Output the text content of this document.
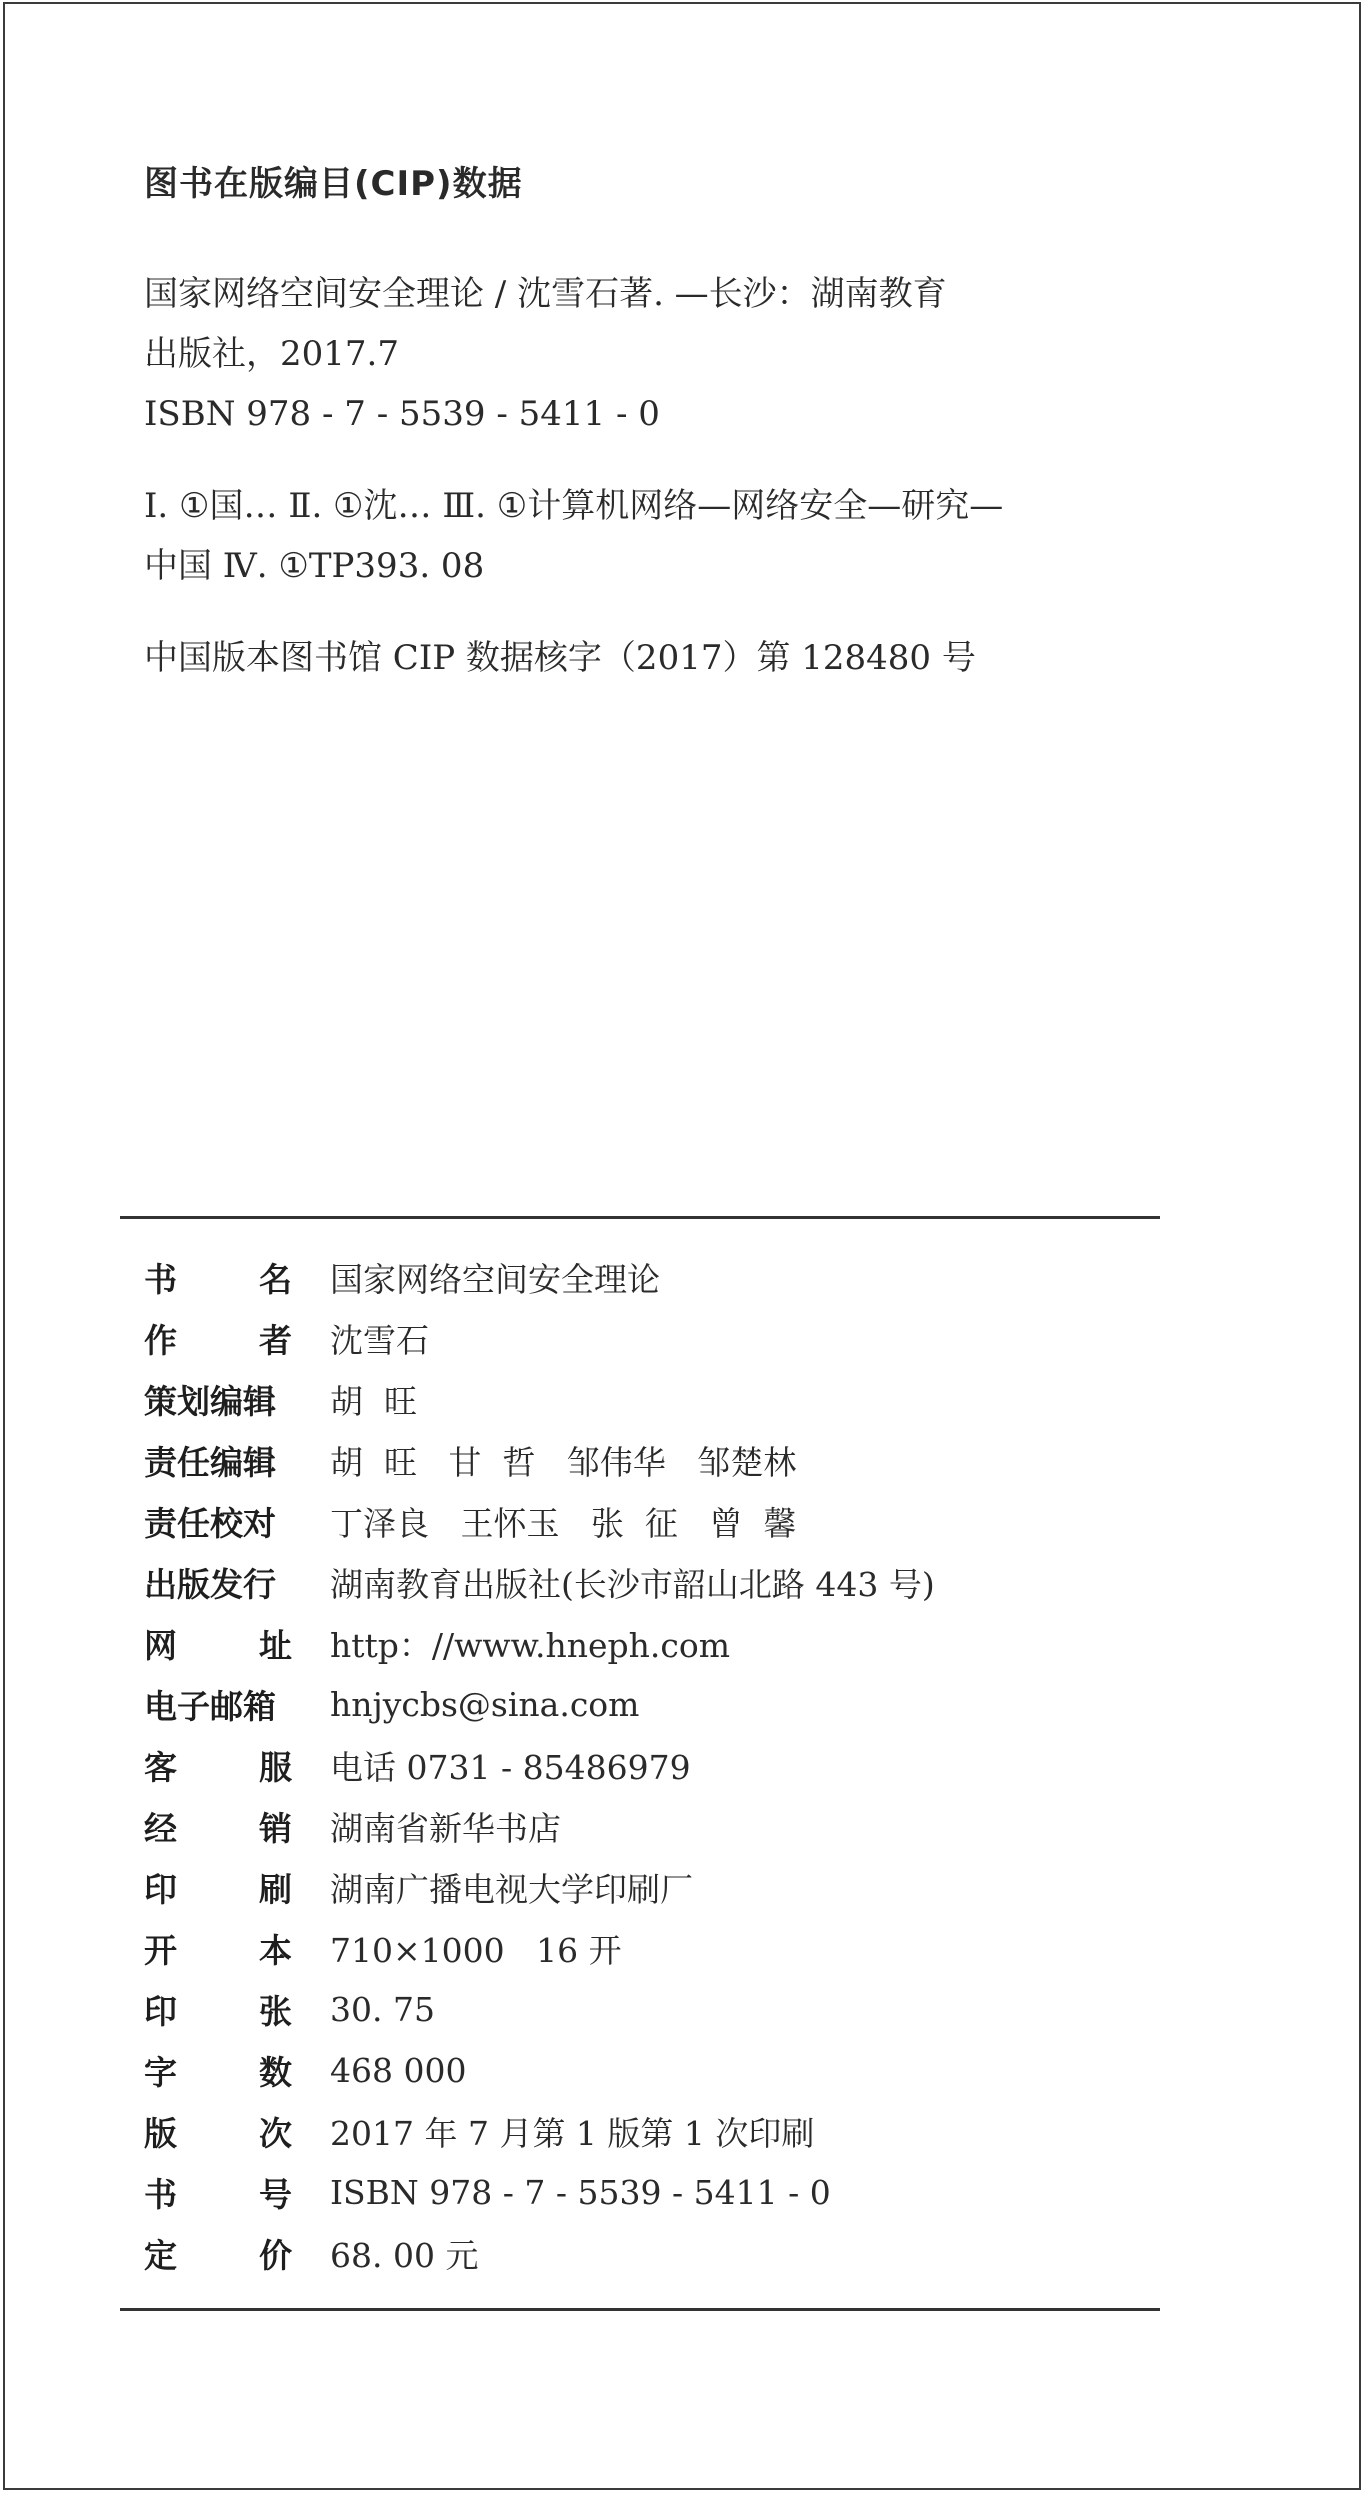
图书在版编目(CIP)数据
国家网络空间安全理论 / 沈雪石著. —长沙：湖南教育
出版社，2017.7
ISBN 978 - 7 - 5539 - 5411 - 0
Ⅰ. ①国… Ⅱ. ①沈… Ⅲ. ①计算机网络—网络安全—研究—
中国 Ⅳ. ①TP393. 08
中国版本图书馆 CIP 数据核字（2017）第 128480 号
书 名 国家网络空间安全理论
作 者 沈雪石
策划编辑 胡  旺
责任编辑 胡  旺   甘  哲   邹伟华   邹楚林
责任校对 丁泽良   王怀玉   张  征   曾  馨
出版发行 湖南教育出版社(长沙市韶山北路 443 号)
网 址 http：//www.hneph.com
电子邮箱 hnjycbs@sina.com
客 服 电话 0731 - 85486979
经 销 湖南省新华书店
印 刷 湖南广播电视大学印刷厂
开 本 710×1000   16 开
印 张 30. 75
字 数 468 000
版 次 2017 年 7 月第 1 版第 1 次印刷
书 号 ISBN 978 - 7 - 5539 - 5411 - 0
定 价 68. 00 元
